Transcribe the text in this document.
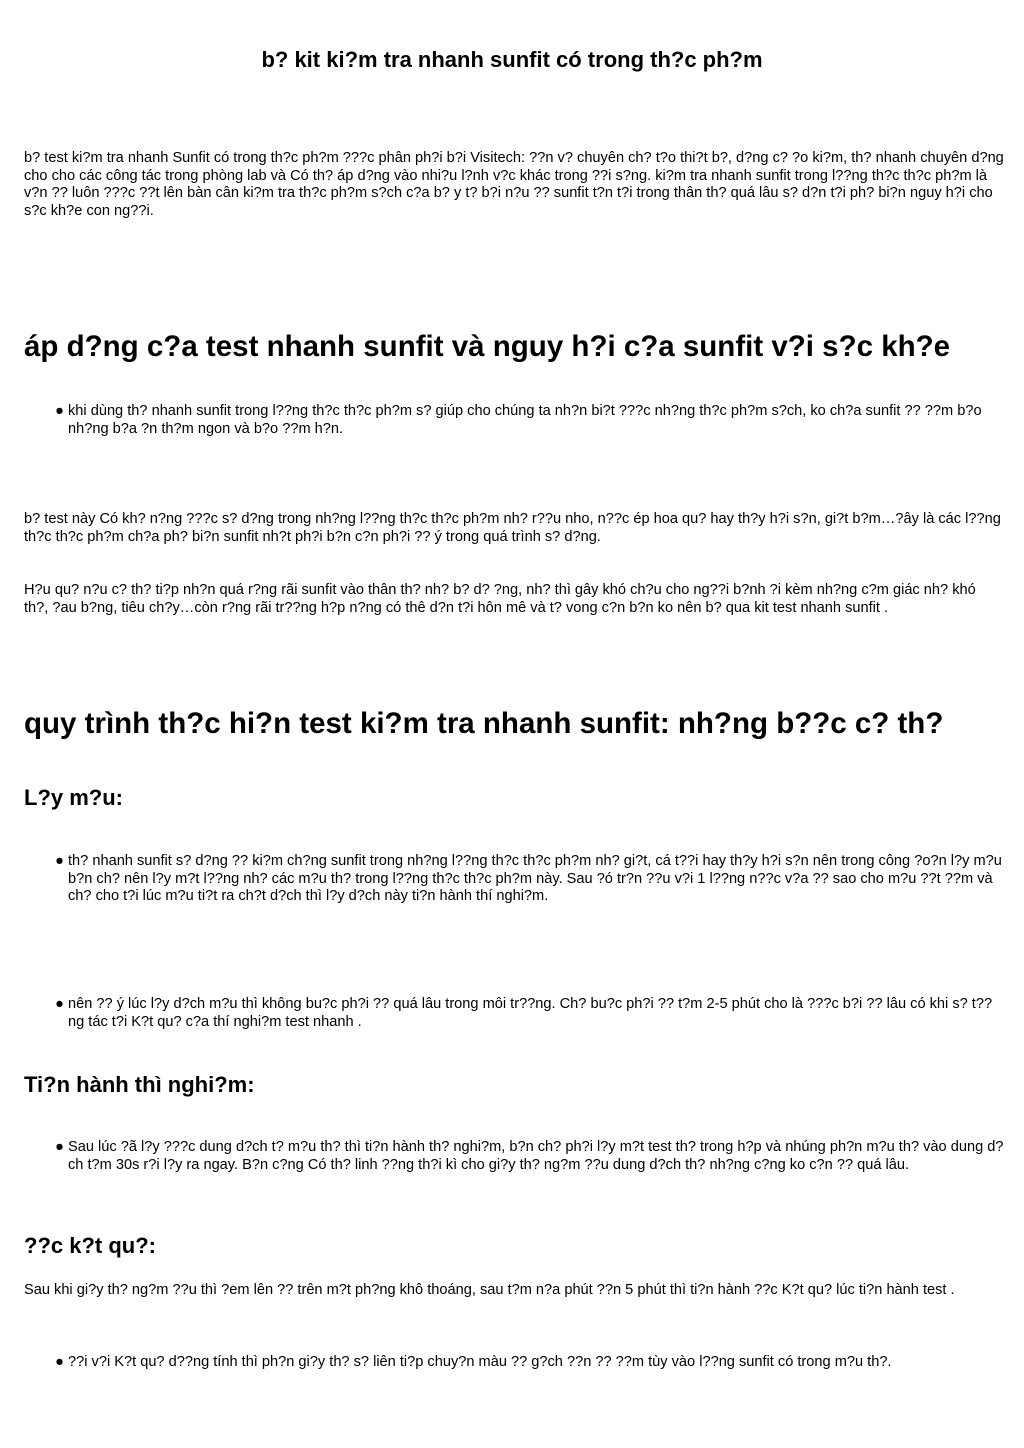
b? kit ki?m tra nhanh sunfit có trong th?c ph?m

b? test ki?m tra nhanh Sunfit có trong th?c ph?m ???c phân ph?i b?i Visitech: ??n v? chuyên ch? t?o thi?t b?, d?ng c? ?o ki?m, th? nhanh chuyên d?ng cho cho các công tác trong phòng lab và Có th? áp d?ng vào nhi?u l?nh v?c khác trong ??i s?ng. ki?m tra nhanh sunfit trong l??ng th?c th?c ph?m là v?n ?? luôn ???c ??t lên bàn cân ki?m tra th?c ph?m s?ch c?a b? y t? b?i n?u ?? sunfit t?n t?i trong thân th? quá lâu s? d?n t?i ph? bi?n nguy h?i cho s?c kh?e con ng??i.

áp d?ng c?a test nhanh sunfit và nguy h?i c?a sunfit v?i s?c kh?e
● khi dùng th? nhanh sunfit trong l??ng th?c th?c ph?m s? giúp cho chúng ta nh?n bi?t ???c nh?ng th?c ph?m s?ch, ko ch?a sunfit ?? ??m b?o nh?ng b?a ?n th?m ngon và b?o ??m h?n.

b? test này Có kh? n?ng ???c s? d?ng trong nh?ng l??ng th?c th?c ph?m nh? r??u nho, n??c ép hoa qu? hay th?y h?i s?n, gi?t b?m…?ây là các l??ng th?c th?c ph?m ch?a ph? bi?n sunfit nh?t ph?i b?n c?n ph?i ?? ý trong quá trình s? d?ng.

H?u qu? n?u c? th? ti?p nh?n quá r?ng rãi sunfit vào thân th? nh? b? d? ?ng, nh? thì gây khó ch?u cho ng??i b?nh ?i kèm nh?ng c?m giác nh? khó th?, ?au b?ng, tiêu ch?y…còn r?ng rãi tr??ng h?p n?ng có thê d?n t?i hôn mê và t? vong c?n b?n ko nên b? qua kit test nhanh sunfit .

quy trình th?c hi?n test ki?m tra nhanh sunfit: nh?ng b??c c? th?
L?y m?u:
● th? nhanh sunfit s? d?ng ?? ki?m ch?ng sunfit trong nh?ng l??ng th?c th?c ph?m nh? gi?t, cá t??i hay th?y h?i s?n nên trong công ?o?n l?y m?u b?n ch? nên l?y m?t l??ng nh? các m?u th? trong l??ng th?c th?c ph?m này. Sau ?ó tr?n ??u v?i 1 l??ng n??c v?a ?? sao cho m?u ??t ??m và ch? cho t?i lúc m?u ti?t ra ch?t d?ch thì l?y d?ch này ti?n hành thí nghi?m.
● nên ?? ý lúc l?y d?ch m?u thì không bu?c ph?i ?? quá lâu trong môi tr??ng. Ch? bu?c ph?i ?? t?m 2-5 phút cho là ???c b?i ?? lâu có khi s? t??ng tác t?i K?t qu? c?a thí nghi?m test nhanh .
Ti?n hành thì nghi?m:
● Sau lúc ?ã l?y ???c dung d?ch t? m?u th? thì ti?n hành th? nghi?m, b?n ch? ph?i l?y m?t test th? trong h?p và nhúng ph?n m?u th? vào dung d?ch t?m 30s r?i l?y ra ngay. B?n c?ng Có th? linh ??ng th?i kì cho gi?y th? ng?m ??u dung d?ch th? nh?ng c?ng ko c?n ?? quá lâu.
??c k?t qu?:

Sau khi gi?y th? ng?m ??u thì ?em lên ?? trên m?t ph?ng khô thoáng, sau t?m n?a phút ??n 5 phút thì ti?n hành ??c K?t qu? lúc ti?n hành test .

● ??i v?i K?t qu? d??ng tính thì ph?n gi?y th? s? liên ti?p chuy?n màu ?? g?ch ??n ?? ??m tùy vào l??ng sunfit có trong m?u th?.
